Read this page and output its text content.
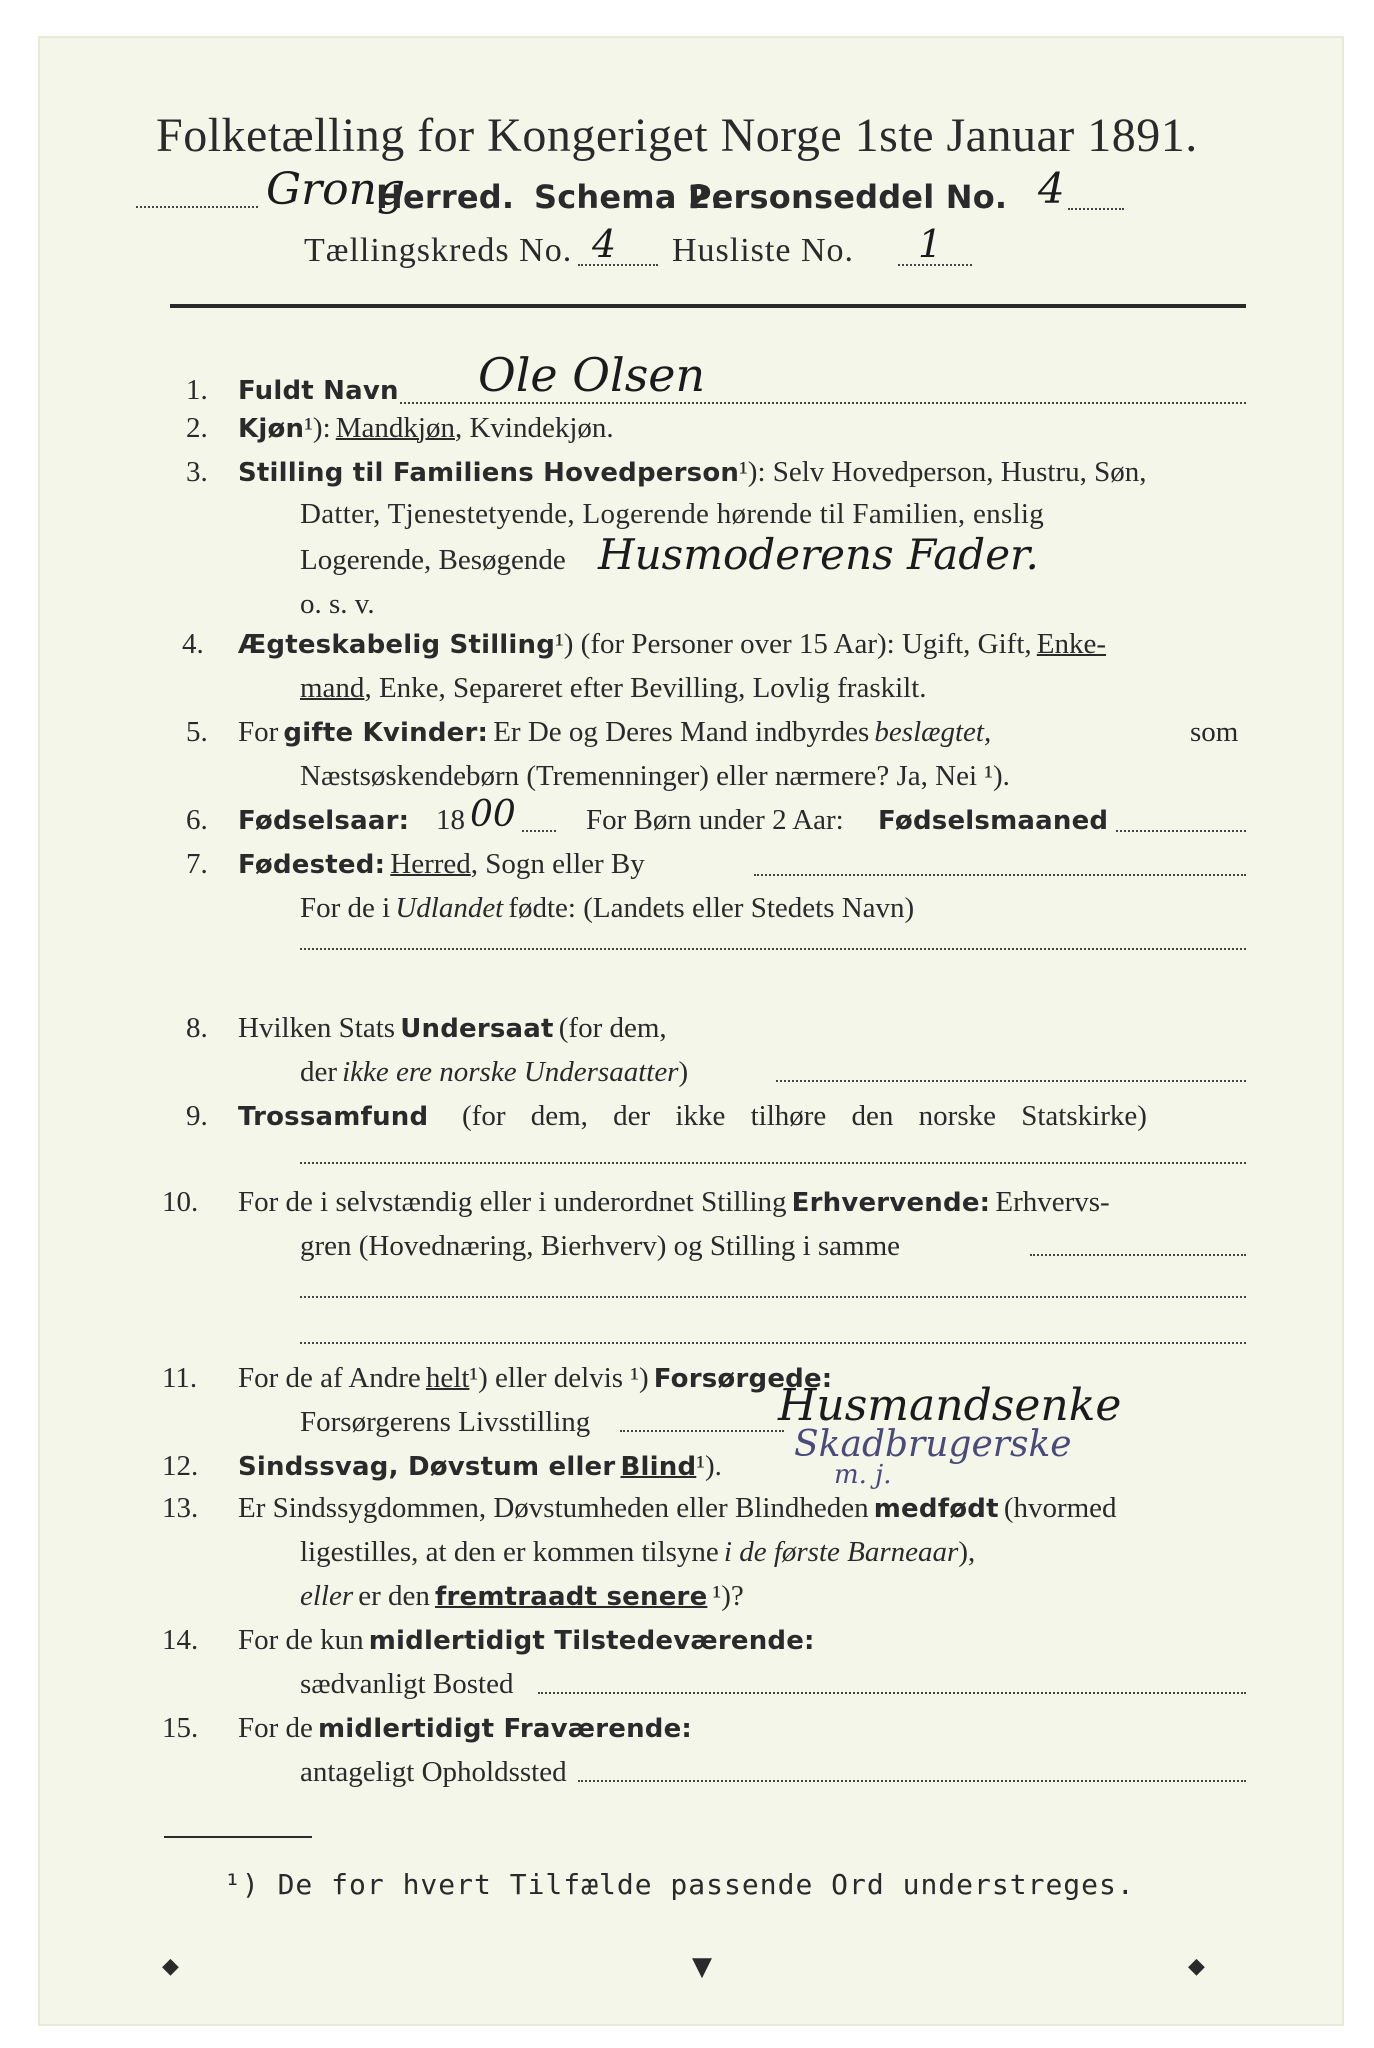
Folketælling for Kongeriget Norge 1ste Januar 1891.
Grong
Herred. Schema 2.
Personseddel No. 4
Tællingskreds No. 4 Husliste No. 1
1. Fuldt Navn Ole Olsen
2. Kjøn¹): Mandkjøn, Kvindekjøn.
3. Stilling til Familiens Hovedperson¹): Selv Hovedperson, Hustru, Søn,
Datter, Tjenestetyende, Logerende hørende til Familien, enslig
Logerende, Besøgende Husmoderens Fader.
o. s. v.
4. Ægteskabelig Stilling¹) (for Personer over 15 Aar): Ugift, Gift, Enke-
mand, Enke, Separeret efter Bevilling, Lovlig fraskilt.
5. For gifte Kvinder: Er De og Deres Mand indbyrdes beslægtet,	som
Næstsøskendebørn (Tremenninger) eller nærmere? Ja, Nei ¹).
6. Fødselsaar: 18 00 For Børn under 2 Aar: Fødselsmaaned
7. Fødested: Herred, Sogn eller By
For de i Udlandet fødte: (Landets eller Stedets Navn)
8. Hvilken Stats Undersaat (for dem,
der ikke ere norske Undersaatter)
9. Trossamfund (for dem, der ikke tilhøre den norske Statskirke)
10. For de i selvstændig eller i underordnet Stilling Erhvervende: Erhvervs-
gren (Hovednæring, Bierhverv) og Stilling i samme
11. For de af Andre helt¹) eller delvis ¹) Forsørgede:
Forsørgerens Livsstilling	Husmandsenke
Skadbrugerske
m. j.
12. Sindssvag, Døvstum eller Blind¹).
13. Er Sindssygdommen, Døvstumheden eller Blindheden medfødt (hvormed
ligestilles, at den er kommen tilsyne i de første Barneaar),
eller er den fremtraadt senere ¹)?
14. For de kun midlertidigt Tilstedeværende:
sædvanligt Bosted
15. For de midlertidigt Fraværende:
antageligt Opholdssted
¹) De for hvert Tilfælde passende Ord understreges.
◆	▼	◆
